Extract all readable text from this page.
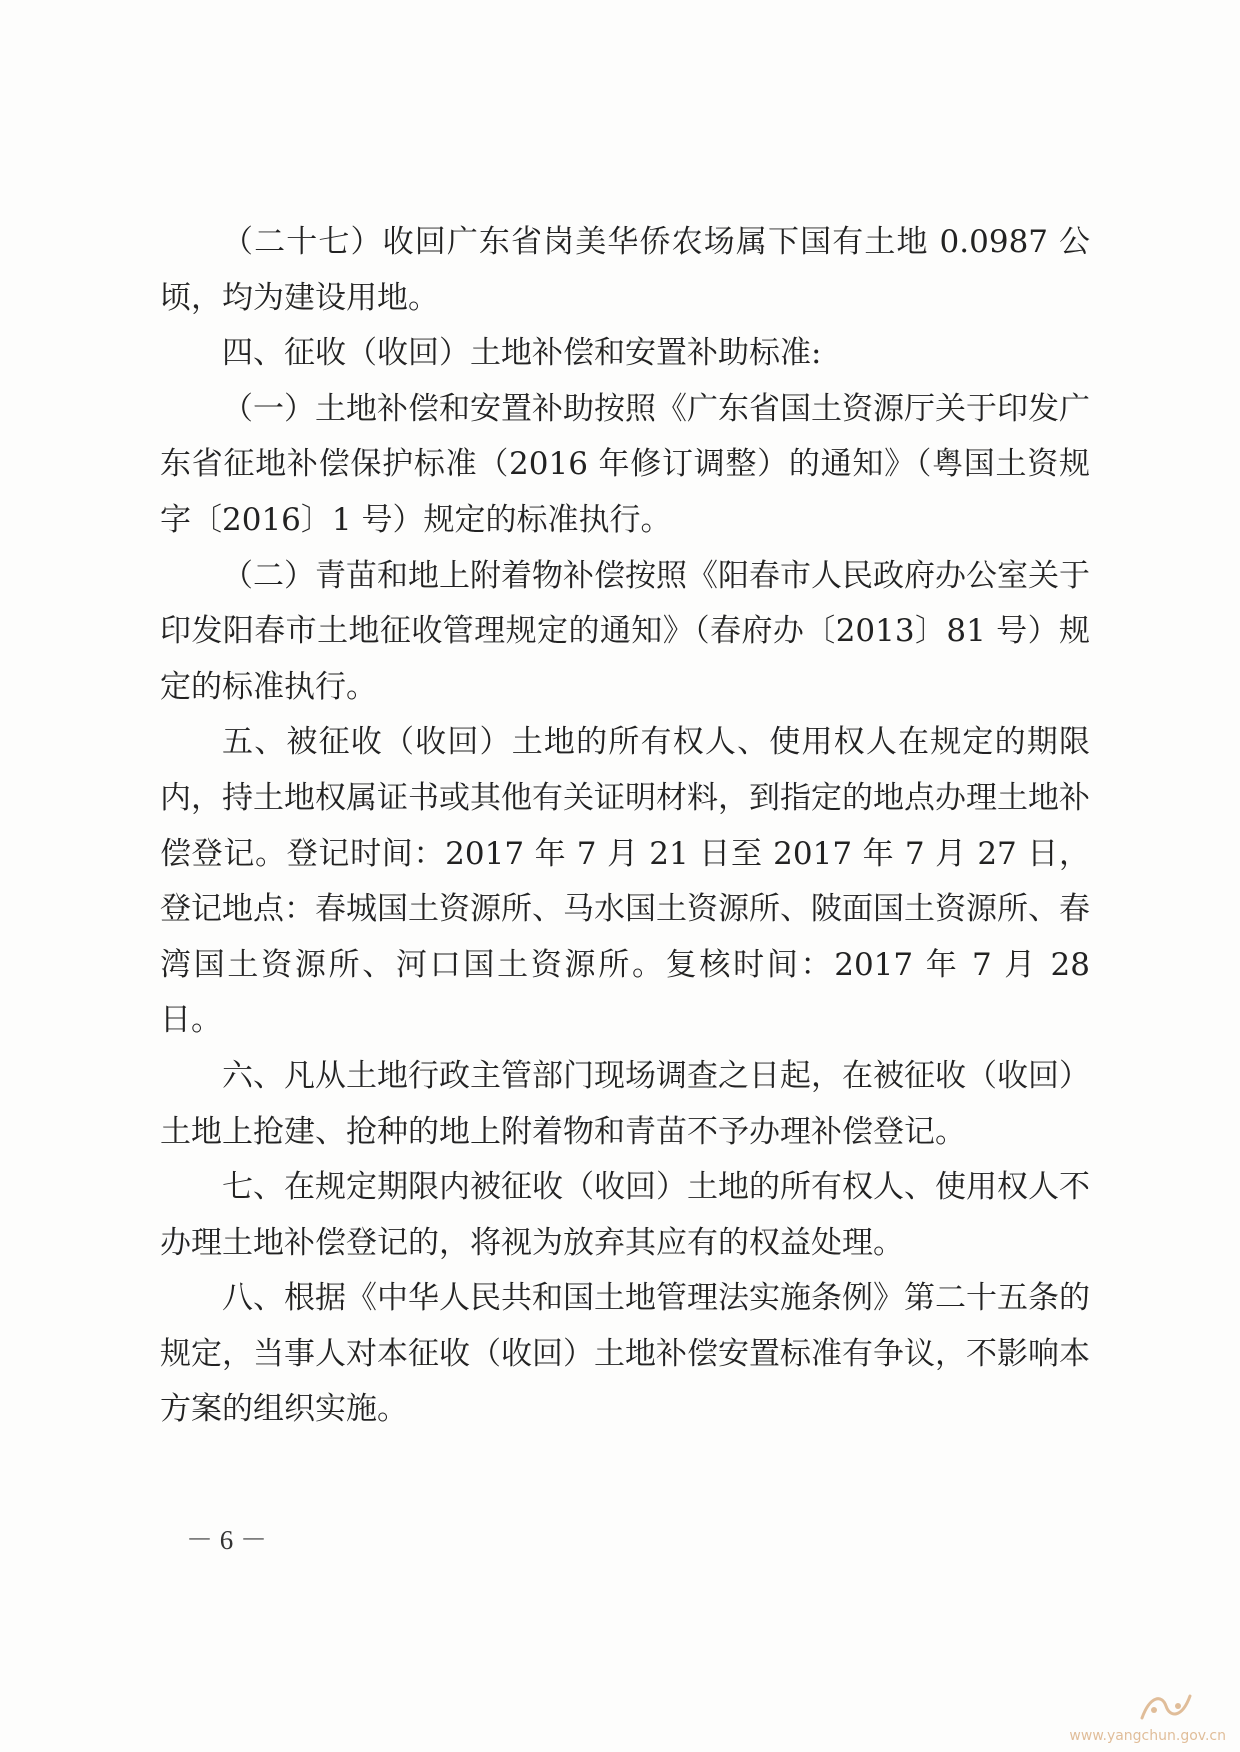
（二十七）收回广东省岗美华侨农场属下国有土地 0.0987 公顷，均为建设用地。

四、征收（收回）土地补偿和安置补助标准:

（一）土地补偿和安置补助按照《广东省国土资源厅关于印发广东省征地补偿保护标准（2016 年修订调整）的通知》（粤国土资规字〔2016〕1 号）规定的标准执行。

（二）青苗和地上附着物补偿按照《阳春市人民政府办公室关于印发阳春市土地征收管理规定的通知》（春府办〔2013〕81 号）规定的标准执行。

五、被征收（收回）土地的所有权人、使用权人在规定的期限内，持土地权属证书或其他有关证明材料，到指定的地点办理土地补偿登记。登记时间：2017 年 7 月 21 日至 2017 年 7 月 27 日，登记地点：春城国土资源所、马水国土资源所、陂面国土资源所、春湾国土资源所、河口国土资源所。复核时间：2017 年 7 月 28 日。

六、凡从土地行政主管部门现场调查之日起，在被征收（收回）土地上抢建、抢种的地上附着物和青苗不予办理补偿登记。

七、在规定期限内被征收（收回）土地的所有权人、使用权人不办理土地补偿登记的，将视为放弃其应有的权益处理。

八、根据《中华人民共和国土地管理法实施条例》第二十五条的规定，当事人对本征收（收回）土地补偿安置标准有争议，不影响本方案的组织实施。

－ 6 －
www.yangchun.gov.cn
